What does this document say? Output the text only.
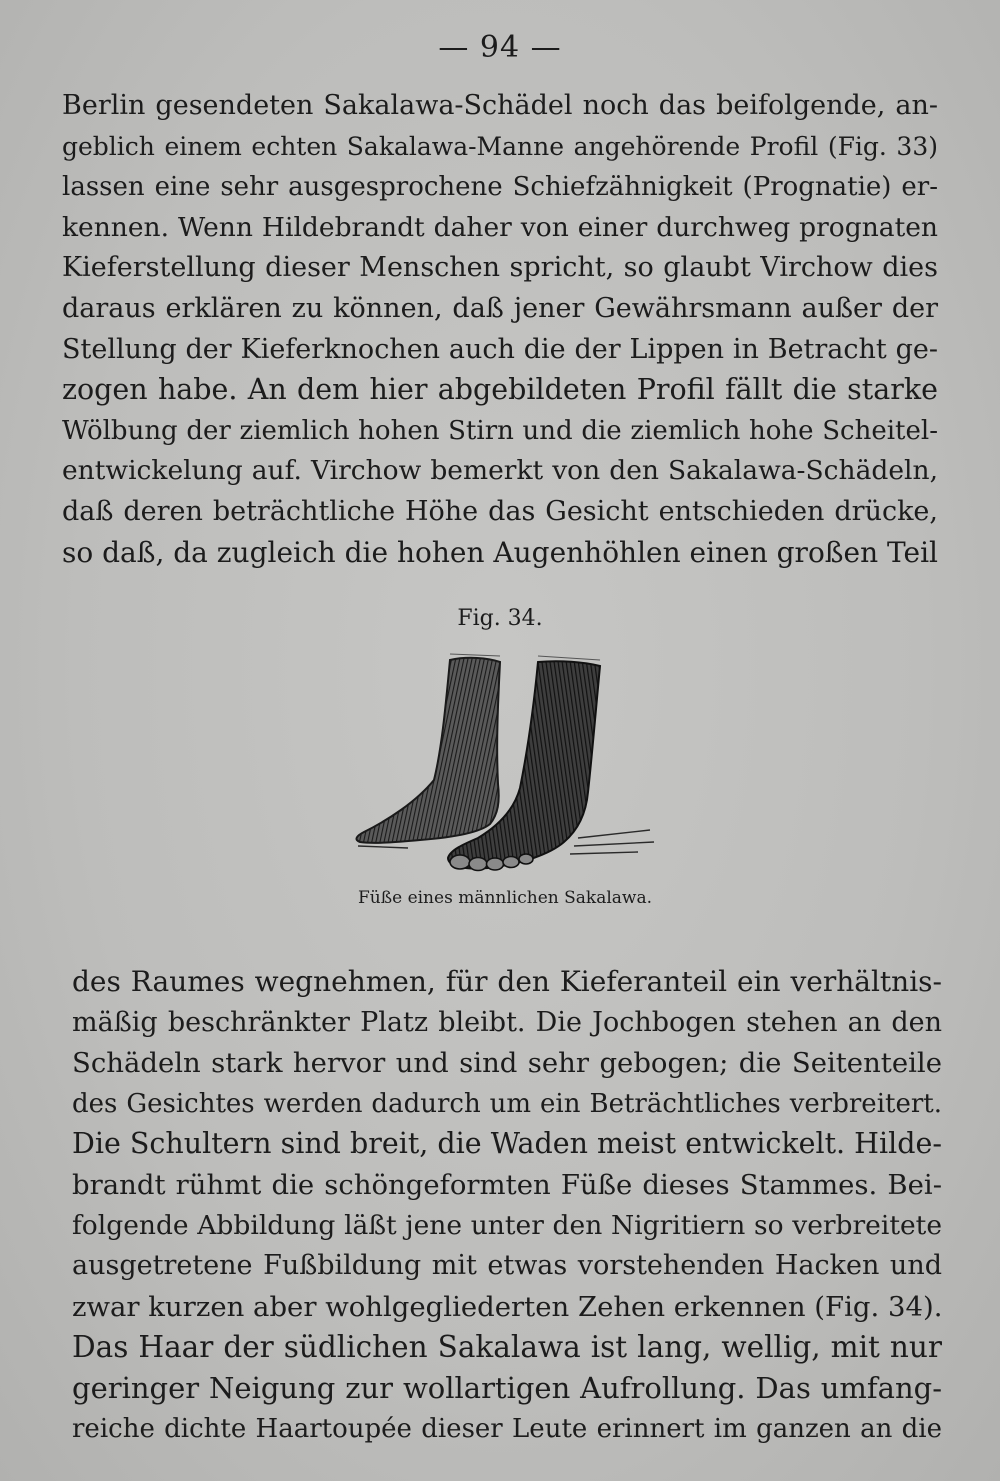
— 94 —
Berlin gesendeten Sakalawa-Schädel noch das beifolgende, an-
geblich einem echten Sakalawa-Manne angehörende Profil (Fig. 33)
lassen eine sehr ausgesprochene Schiefzähnigkeit (Prognatie) er-
kennen. Wenn Hildebrandt daher von einer durchweg prognaten
Kieferstellung dieser Menschen spricht, so glaubt Virchow dies
daraus erklären zu können, daß jener Gewährsmann außer der
Stellung der Kieferknochen auch die der Lippen in Betracht ge-
zogen habe. An dem hier abgebildeten Profil fällt die starke
Wölbung der ziemlich hohen Stirn und die ziemlich hohe Scheitel-
entwickelung auf. Virchow bemerkt von den Sakalawa-Schädeln,
daß deren beträchtliche Höhe das Gesicht entschieden drücke,
so daß, da zugleich die hohen Augenhöhlen einen großen Teil
Fig. 34.
Füße eines männlichen Sakalawa.
des Raumes wegnehmen, für den Kieferanteil ein verhältnis-
mäßig beschränkter Platz bleibt. Die Jochbogen stehen an den
Schädeln stark hervor und sind sehr gebogen; die Seitenteile
des Gesichtes werden dadurch um ein Beträchtliches verbreitert.
Die Schultern sind breit, die Waden meist entwickelt. Hilde-
brandt rühmt die schöngeformten Füße dieses Stammes. Bei-
folgende Abbildung läßt jene unter den Nigritiern so verbreitete
ausgetretene Fußbildung mit etwas vorstehenden Hacken und
zwar kurzen aber wohlgegliederten Zehen erkennen (Fig. 34).
Das Haar der südlichen Sakalawa ist lang, wellig, mit nur
geringer Neigung zur wollartigen Aufrollung. Das umfang-
reiche dichte Haartoupée dieser Leute erinnert im ganzen an die
